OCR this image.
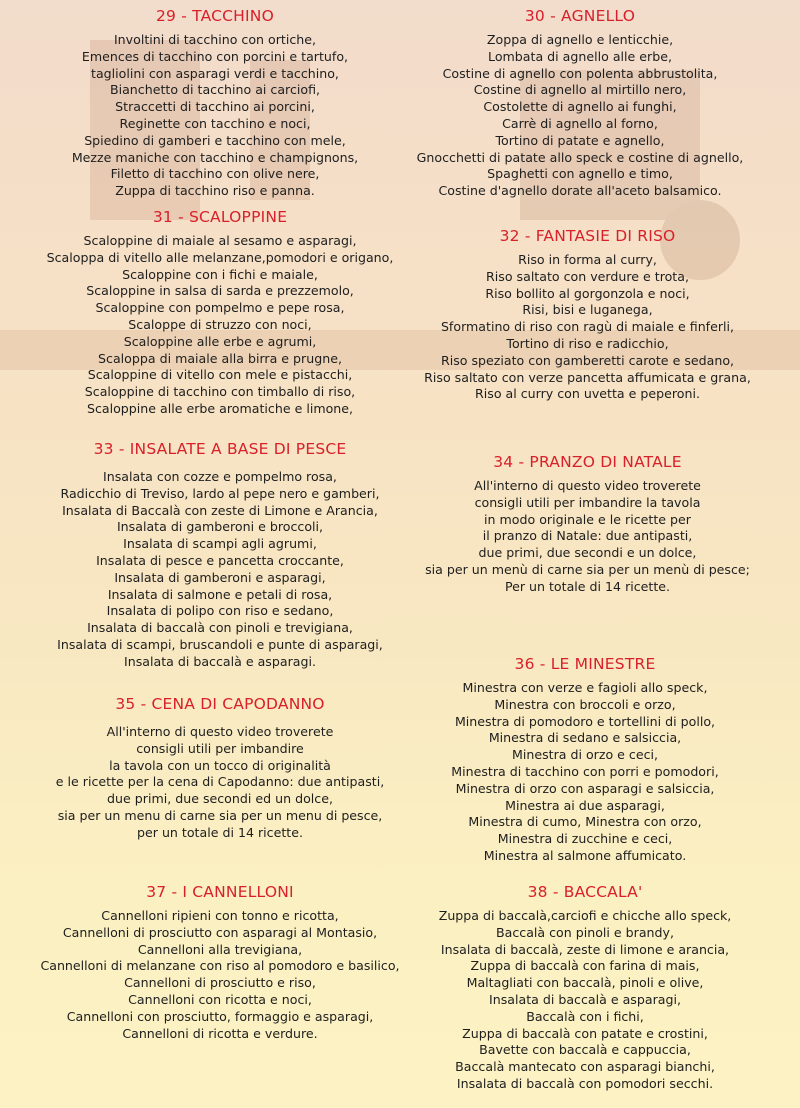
29 - TACCHINO
Involtini di tacchino con ortiche,
Emences di tacchino con porcini e tartufo,
tagliolini con asparagi verdi e tacchino,
Bianchetto di tacchino ai carciofi,
Straccetti di tacchino ai porcini,
Reginette con tacchino e noci,
Spiedino di gamberi e tacchino con mele,
Mezze maniche con tacchino e champignons,
Filetto di tacchino con olive nere,
Zuppa di tacchino riso e panna.
30 - AGNELLO
Zoppa di agnello e lenticchie,
Lombata di agnello alle erbe,
Costine di agnello con polenta abbrustolita,
Costine di agnello al mirtillo nero,
Costolette di agnello ai funghi,
Carrè di agnello al forno,
Tortino di patate e agnello,
Gnocchetti di patate allo speck e costine di agnello,
Spaghetti con agnello e timo,
Costine d'agnello dorate all'aceto balsamico.
31 - SCALOPPINE
Scaloppine di maiale al sesamo e asparagi,
Scaloppa di vitello alle melanzane,pomodori e origano,
Scaloppine con i fichi e maiale,
Scaloppine in salsa di sarda e prezzemolo,
Scaloppine con pompelmo e pepe rosa,
Scaloppe di struzzo con noci,
Scaloppine alle erbe e agrumi,
Scaloppa di maiale alla birra e prugne,
Scaloppine di vitello con mele e pistacchi,
Scaloppine di tacchino con timballo di riso,
Scaloppine alle erbe aromatiche e limone,
32 - FANTASIE DI RISO
Riso in forma al curry,
Riso saltato con verdure e trota,
Riso bollito al gorgonzola e noci,
Risi, bisi e luganega,
Sformatino di riso con ragù di maiale e finferli,
Tortino di riso e radicchio,
Riso speziato con gamberetti carote e sedano,
Riso saltato con verze pancetta affumicata e grana,
Riso al curry con uvetta e peperoni.
33 - INSALATE A BASE DI PESCE
Insalata con cozze e pompelmo rosa,
Radicchio di Treviso, lardo al pepe nero e gamberi,
Insalata di Baccalà con zeste di Limone e Arancia,
Insalata di gamberoni e broccoli,
Insalata di scampi agli agrumi,
Insalata di pesce e pancetta croccante,
Insalata di gamberoni e asparagi,
Insalata di salmone e petali di rosa,
Insalata di polipo con riso e sedano,
Insalata di baccalà con pinoli e trevigiana,
Insalata di scampi, bruscandoli e punte di asparagi,
Insalata di baccalà e asparagi.
34 - PRANZO DI NATALE
All'interno di questo video troverete
consigli utili per imbandire la tavola
in modo originale e le ricette per
il pranzo di Natale: due antipasti,
due primi, due secondi e un dolce,
sia per un menù di carne sia per un menù di pesce;
Per un totale di 14 ricette.
35 - CENA DI CAPODANNO
All'interno di questo video troverete
consigli utili per imbandire
la tavola con un tocco di originalità
e le ricette per la cena di Capodanno: due antipasti,
due primi, due secondi ed un dolce,
sia per un menu di carne sia per un menu di pesce,
per un totale di 14 ricette.
36 - LE MINESTRE
Minestra con verze e fagioli allo speck,
Minestra con broccoli e orzo,
Minestra di pomodoro e tortellini di pollo,
Minestra di sedano e salsiccia,
Minestra di orzo e ceci,
Minestra di tacchino con porri e pomodori,
Minestra di orzo con asparagi e salsiccia,
Minestra ai due asparagi,
Minestra di cumo, Minestra con orzo,
Minestra di zucchine e ceci,
Minestra al salmone affumicato.
37 - I CANNELLONI
Cannelloni ripieni con tonno e ricotta,
Cannelloni di prosciutto con asparagi al Montasio,
Cannelloni alla trevigiana,
Cannelloni di melanzane con riso al pomodoro e basilico,
Cannelloni di prosciutto e riso,
Cannelloni con ricotta e noci,
Cannelloni con prosciutto, formaggio e asparagi,
Cannelloni di ricotta e verdure.
38 - BACCALA'
Zuppa di baccalà,carciofi e chicche allo speck,
Baccalà con pinoli e brandy,
Insalata di baccalà, zeste di limone e arancia,
Zuppa di baccalà con farina di mais,
Maltagliati con baccalà, pinoli e olive,
Insalata di baccalà e asparagi,
Baccalà con i fichi,
Zuppa di baccalà con patate e crostini,
Bavette con baccalà e cappuccia,
Baccalà mantecato con asparagi bianchi,
Insalata di baccalà con pomodori secchi.
